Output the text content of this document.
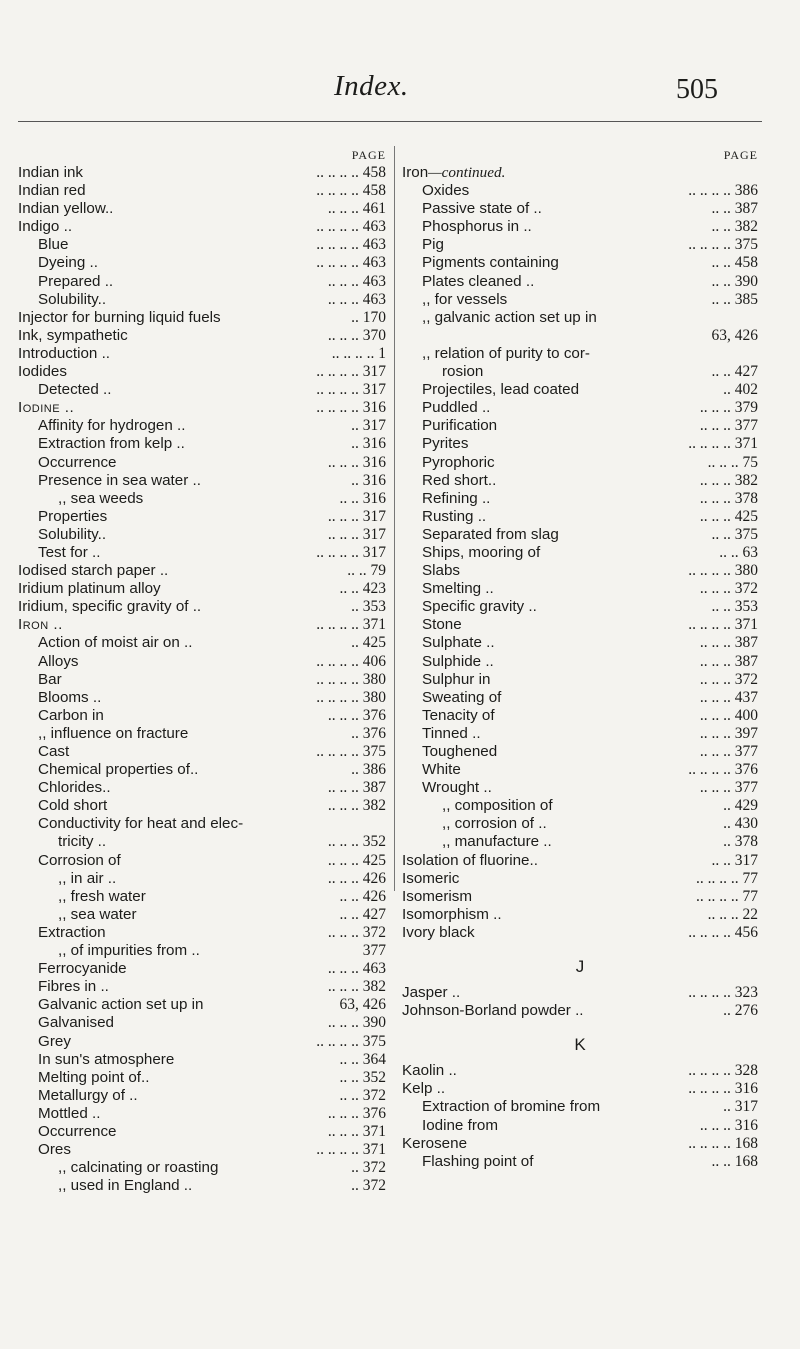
Index.	505
PAGE
Indian ink	.. .. .. .. 458
Indian red	.. .. .. .. 458
Indian yellow..	.. .. .. 461
Indigo ..	.. .. .. .. 463
Blue	.. .. .. .. 463
Dyeing ..	.. .. .. .. 463
Prepared ..	.. .. .. 463
Solubility..	.. .. .. 463
Injector for burning liquid fuels	.. 170
Ink, sympathetic	.. .. .. 370
Introduction ..	.. .. .. .. 1
Iodides	.. .. .. .. 317
Detected ..	.. .. .. .. 317
Iodine ..	.. .. .. .. 316
Affinity for hydrogen ..	.. 317
Extraction from kelp ..	.. 316
Occurrence	.. .. .. 316
Presence in sea water ..	.. 316
,, sea weeds	.. .. 316
Properties	.. .. .. 317
Solubility..	.. .. .. 317
Test for ..	.. .. .. .. 317
Iodised starch paper ..	.. .. 79
Iridium platinum alloy	.. .. 423
Iridium, specific gravity of ..	.. 353
Iron ..	.. .. .. .. 371
Action of moist air on ..	.. 425
Alloys	.. .. .. .. 406
Bar	.. .. .. .. 380
Blooms ..	.. .. .. .. 380
Carbon in	.. .. .. 376
,, influence on fracture	.. 376
Cast	.. .. .. .. 375
Chemical properties of..	.. 386
Chlorides..	.. .. .. 387
Cold short	.. .. .. 382
Conductivity for heat and elec-
tricity ..	.. .. .. 352
Corrosion of	.. .. .. 425
,, in air ..	.. .. .. 426
,, fresh water	.. .. 426
,, sea water	.. .. 427
Extraction	.. .. .. 372
,, of impurities from ..	377
Ferrocyanide	.. .. .. 463
Fibres in ..	.. .. .. 382
Galvanic action set up in	63, 426
Galvanised	.. .. .. 390
Grey	.. .. .. .. 375
In sun's atmosphere	.. .. 364
Melting point of..	.. .. 352
Metallurgy of ..	.. .. 372
Mottled ..	.. .. .. 376
Occurrence	.. .. .. 371
Ores	.. .. .. .. 371
,, calcinating or roasting	.. 372
,, used in England ..	.. 372
PAGE
Iron—continued.
Oxides	.. .. .. .. 386
Passive state of ..	.. .. 387
Phosphorus in ..	.. .. 382
Pig	.. .. .. .. 375
Pigments containing	.. .. 458
Plates cleaned ..	.. .. 390
,, for vessels	.. .. 385
,, galvanic action set up in
63, 426
,, relation of purity to cor-
rosion	.. .. 427
Projectiles, lead coated	.. 402
Puddled ..	.. .. .. 379
Purification	.. .. .. 377
Pyrites	.. .. .. .. 371
Pyrophoric	.. .. .. 75
Red short..	.. .. .. 382
Refining ..	.. .. .. 378
Rusting ..	.. .. .. 425
Separated from slag	.. .. 375
Ships, mooring of	.. .. 63
Slabs	.. .. .. .. 380
Smelting ..	.. .. .. 372
Specific gravity ..	.. .. 353
Stone	.. .. .. .. 371
Sulphate ..	.. .. .. 387
Sulphide ..	.. .. .. 387
Sulphur in	.. .. .. 372
Sweating of	.. .. .. 437
Tenacity of	.. .. .. 400
Tinned ..	.. .. .. 397
Toughened	.. .. .. 377
White	.. .. .. .. 376
Wrought ..	.. .. .. 377
,, composition of	.. 429
,, corrosion of ..	.. 430
,, manufacture ..	.. 378
Isolation of fluorine..	.. .. 317
Isomeric	.. .. .. .. 77
Isomerism	.. .. .. .. 77
Isomorphism ..	.. .. .. 22
Ivory black	.. .. .. .. 456
J
Jasper ..	.. .. .. .. 323
Johnson-Borland powder ..	.. 276
K
Kaolin ..	.. .. .. .. 328
Kelp ..	.. .. .. .. 316
Extraction of bromine from	.. 317
Iodine from	.. .. .. 316
Kerosene	.. .. .. .. 168
Flashing point of	.. .. 168
